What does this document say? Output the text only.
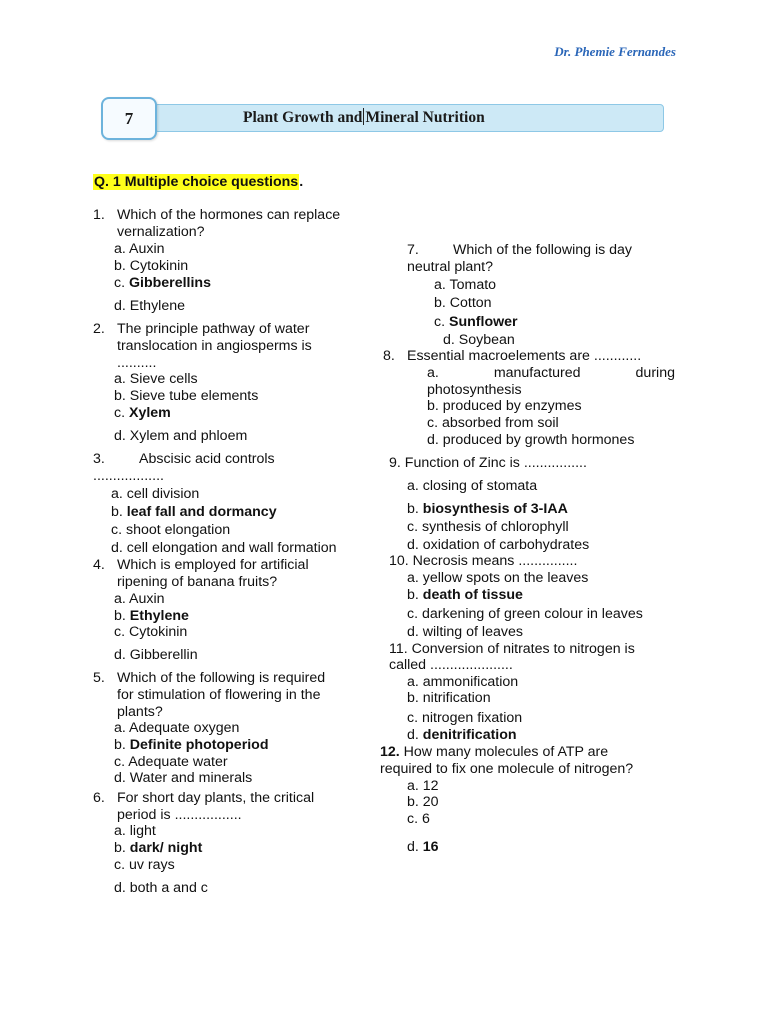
Dr. Phemie Fernandes
Plant Growth and Mineral Nutrition
7
Q. 1 Multiple choice questions.
1. Which of the hormones can replace
vernalization?
a. Auxin
b. Cytokinin
c. Gibberellins
d. Ethylene
2. The principle pathway of water
translocation in angiosperms is
..........
a. Sieve cells
b. Sieve tube elements
c. Xylem
d. Xylem and phloem
3. Abscisic acid controls
..................
a. cell division
b. leaf fall and dormancy
c. shoot elongation
d. cell elongation and wall formation
4. Which is employed for artificial
ripening of banana fruits?
a. Auxin
b. Ethylene
c. Cytokinin
d. Gibberellin
5. Which of the following is required
for stimulation of flowering in the
plants?
a. Adequate oxygen
b. Definite photoperiod
c. Adequate water
d. Water and minerals
6. For short day plants, the critical
period is .................
a. light
b. dark/ night
c. uv rays
d. both a and c
7. Which of the following is day
neutral plant?
a. Tomato
b. Cotton
c. Sunflower
d. Soybean
8. Essential macroelements are ............
a.	manufactured	during
photosynthesis
b. produced by enzymes
c. absorbed from soil
d. produced by growth hormones
9. Function of Zinc is ................
a. closing of stomata
b. biosynthesis of 3-IAA
c. synthesis of chlorophyll
d. oxidation of carbohydrates
10. Necrosis means ...............
a. yellow spots on the leaves
b. death of tissue
c. darkening of green colour in leaves
d. wilting of leaves
11. Conversion of nitrates to nitrogen is
called .....................
a. ammonification
b. nitrification
c. nitrogen fixation
d. denitrification
12. How many molecules of ATP are
required to fix one molecule of nitrogen?
a. 12
b. 20
c. 6
d. 16
